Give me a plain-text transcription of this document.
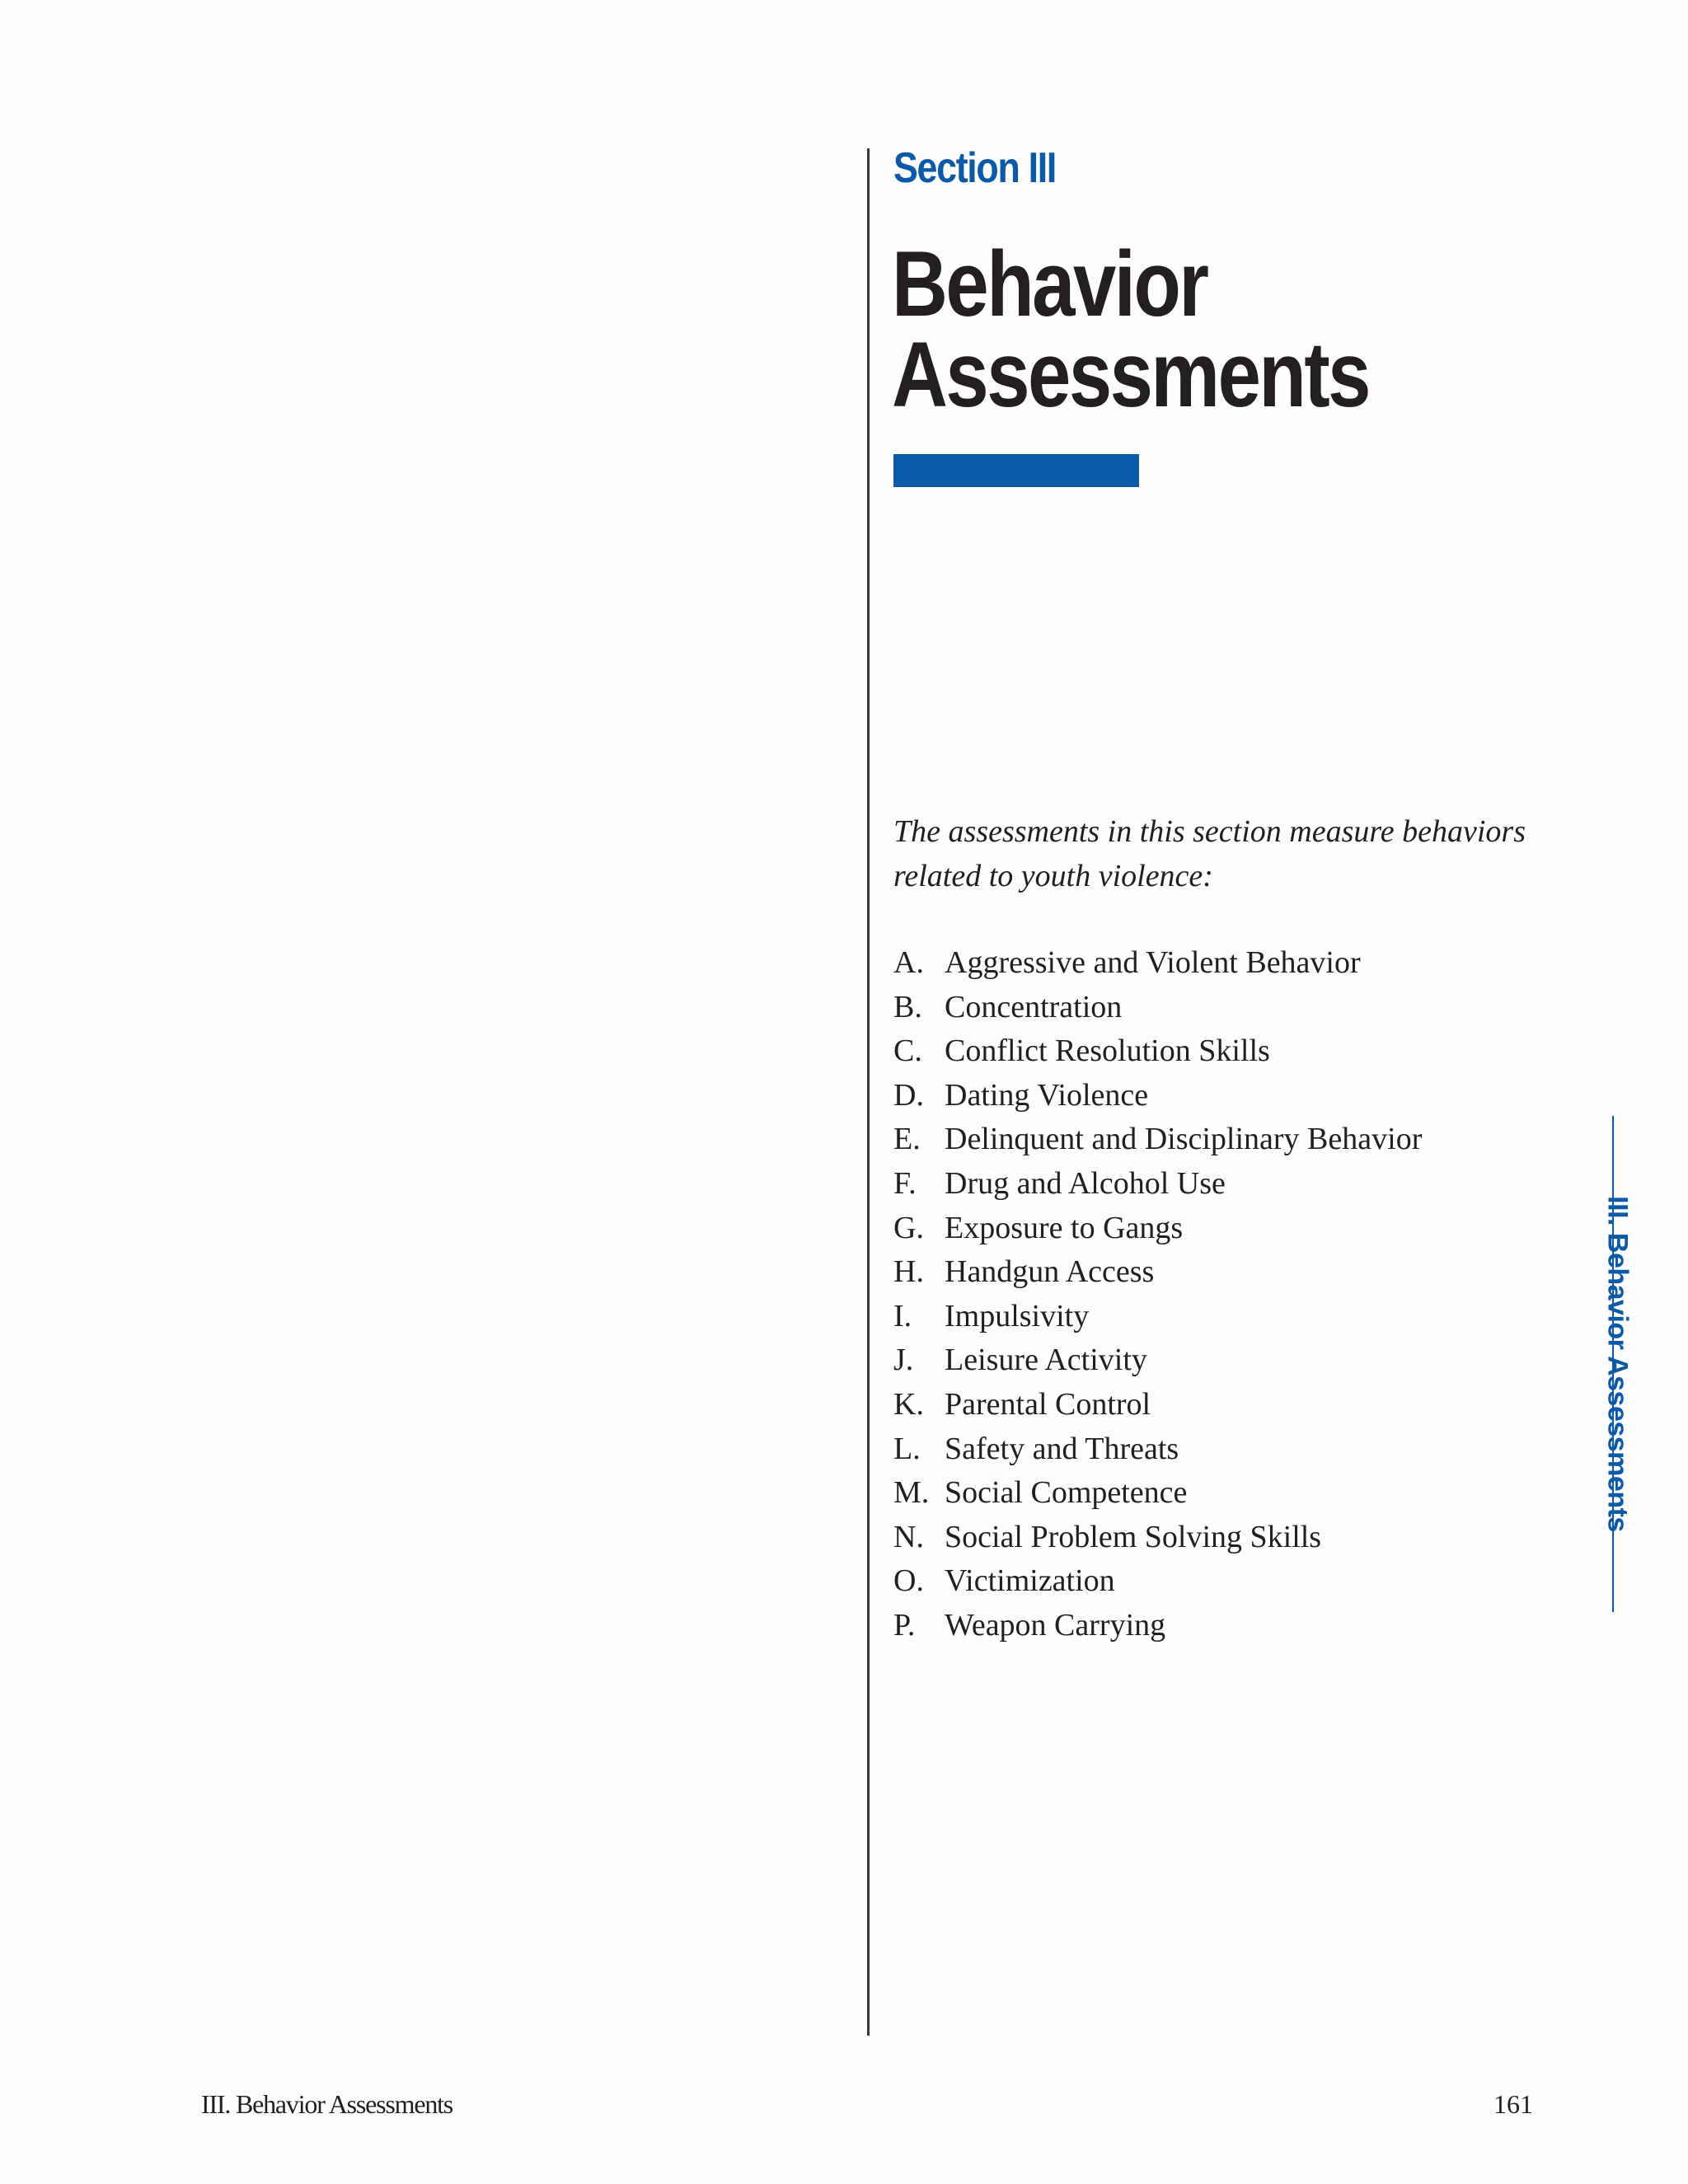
Section III
Behavior
Assessments
The assessments in this section measure behaviors related to youth violence:
A. Aggressive and Violent Behavior
B. Concentration
C. Conflict Resolution Skills
D. Dating Violence
E. Delinquent and Disciplinary Behavior
F. Drug and Alcohol Use
G. Exposure to Gangs
H. Handgun Access
I.	Impulsivity
J. Leisure Activity
K. Parental Control
L. Safety and Threats
M. Social Competence
N. Social Problem Solving Skills
O. Victimization
P. Weapon Carrying
III. Behavior Assessments
III. Behavior Assessments	161
